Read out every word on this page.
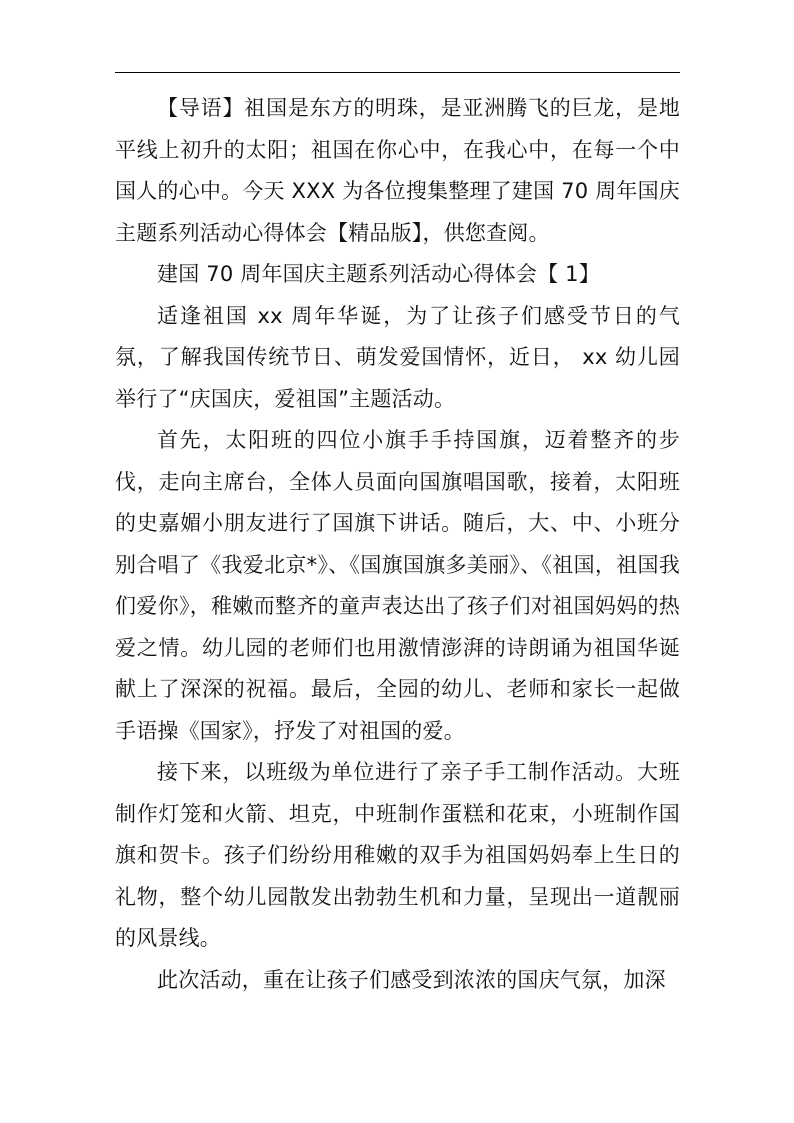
【导语】祖国是东方的明珠，是亚洲腾飞的巨龙，是地平线上初升的太阳；祖国在你心中，在我心中，在每一个中国人的心中。今天 XXX 为各位搜集整理了建国 70 周年国庆主题系列活动心得体会【精品版】，供您查阅。

建国 70 周年国庆主题系列活动心得体会【 1】

适逢祖国 xx 周年华诞，为了让孩子们感受节日的气氛，了解我国传统节日、萌发爱国情怀，近日， xx 幼儿园举行了“庆国庆，爱祖国”主题活动。

首先，太阳班的四位小旗手手持国旗，迈着整齐的步伐，走向主席台，全体人员面向国旗唱国歌，接着，太阳班的史嘉媚小朋友进行了国旗下讲话。随后，大、中、小班分别合唱了《我爱北京*》、《国旗国旗多美丽》、《祖国，祖国我们爱你》，稚嫩而整齐的童声表达出了孩子们对祖国妈妈的热爱之情。幼儿园的老师们也用激情澎湃的诗朗诵为祖国华诞献上了深深的祝福。最后，全园的幼儿、老师和家长一起做手语操《国家》，抒发了对祖国的爱。

接下来，以班级为单位进行了亲子手工制作活动。大班制作灯笼和火箭、坦克，中班制作蛋糕和花束，小班制作国旗和贺卡。孩子们纷纷用稚嫩的双手为祖国妈妈奉上生日的礼物，整个幼儿园散发出勃勃生机和力量，呈现出一道靓丽的风景线。

此次活动，重在让孩子们感受到浓浓的国庆气氛，加深
